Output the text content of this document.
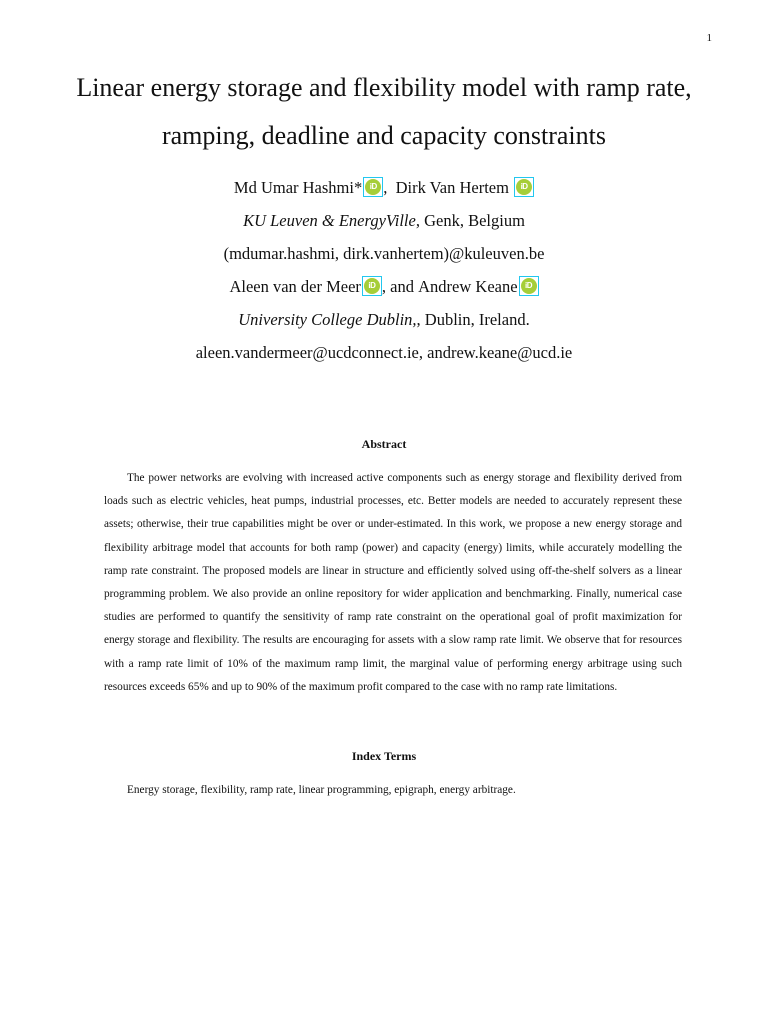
1
Linear energy storage and flexibility model with ramp rate, ramping, deadline and capacity constraints
Md Umar Hashmi* iD , Dirk Van Hertem	iD
KU Leuven & EnergyVille, Genk, Belgium
(mdumar.hashmi, dirk.vanhertem)@kuleuven.be
Aleen van der Meer iD , and Andrew Keane iD
University College Dublin,, Dublin, Ireland.
aleen.vandermeer@ucdconnect.ie, andrew.keane@ucd.ie
Abstract

The power networks are evolving with increased active components such as energy storage and flexibility derived from loads such as electric vehicles, heat pumps, industrial processes, etc. Better models are needed to accurately represent these assets; otherwise, their true capabilities might be over or under-estimated. In this work, we propose a new energy storage and flexibility arbitrage model that accounts for both ramp (power) and capacity (energy) limits, while accurately modelling the ramp rate constraint. The proposed models are linear in structure and efficiently solved using off-the-shelf solvers as a linear programming problem. We also provide an online repository for wider application and benchmarking. Finally, numerical case studies are performed to quantify the sensitivity of ramp rate constraint on the operational goal of profit maximization for energy storage and flexibility. The results are encouraging for assets with a slow ramp rate limit. We observe that for resources with a ramp rate limit of 10% of the maximum ramp limit, the marginal value of performing energy arbitrage using such resources exceeds 65% and up to 90% of the maximum profit compared to the case with no ramp rate limitations.

Index Terms

Energy storage, flexibility, ramp rate, linear programming, epigraph, energy arbitrage.
